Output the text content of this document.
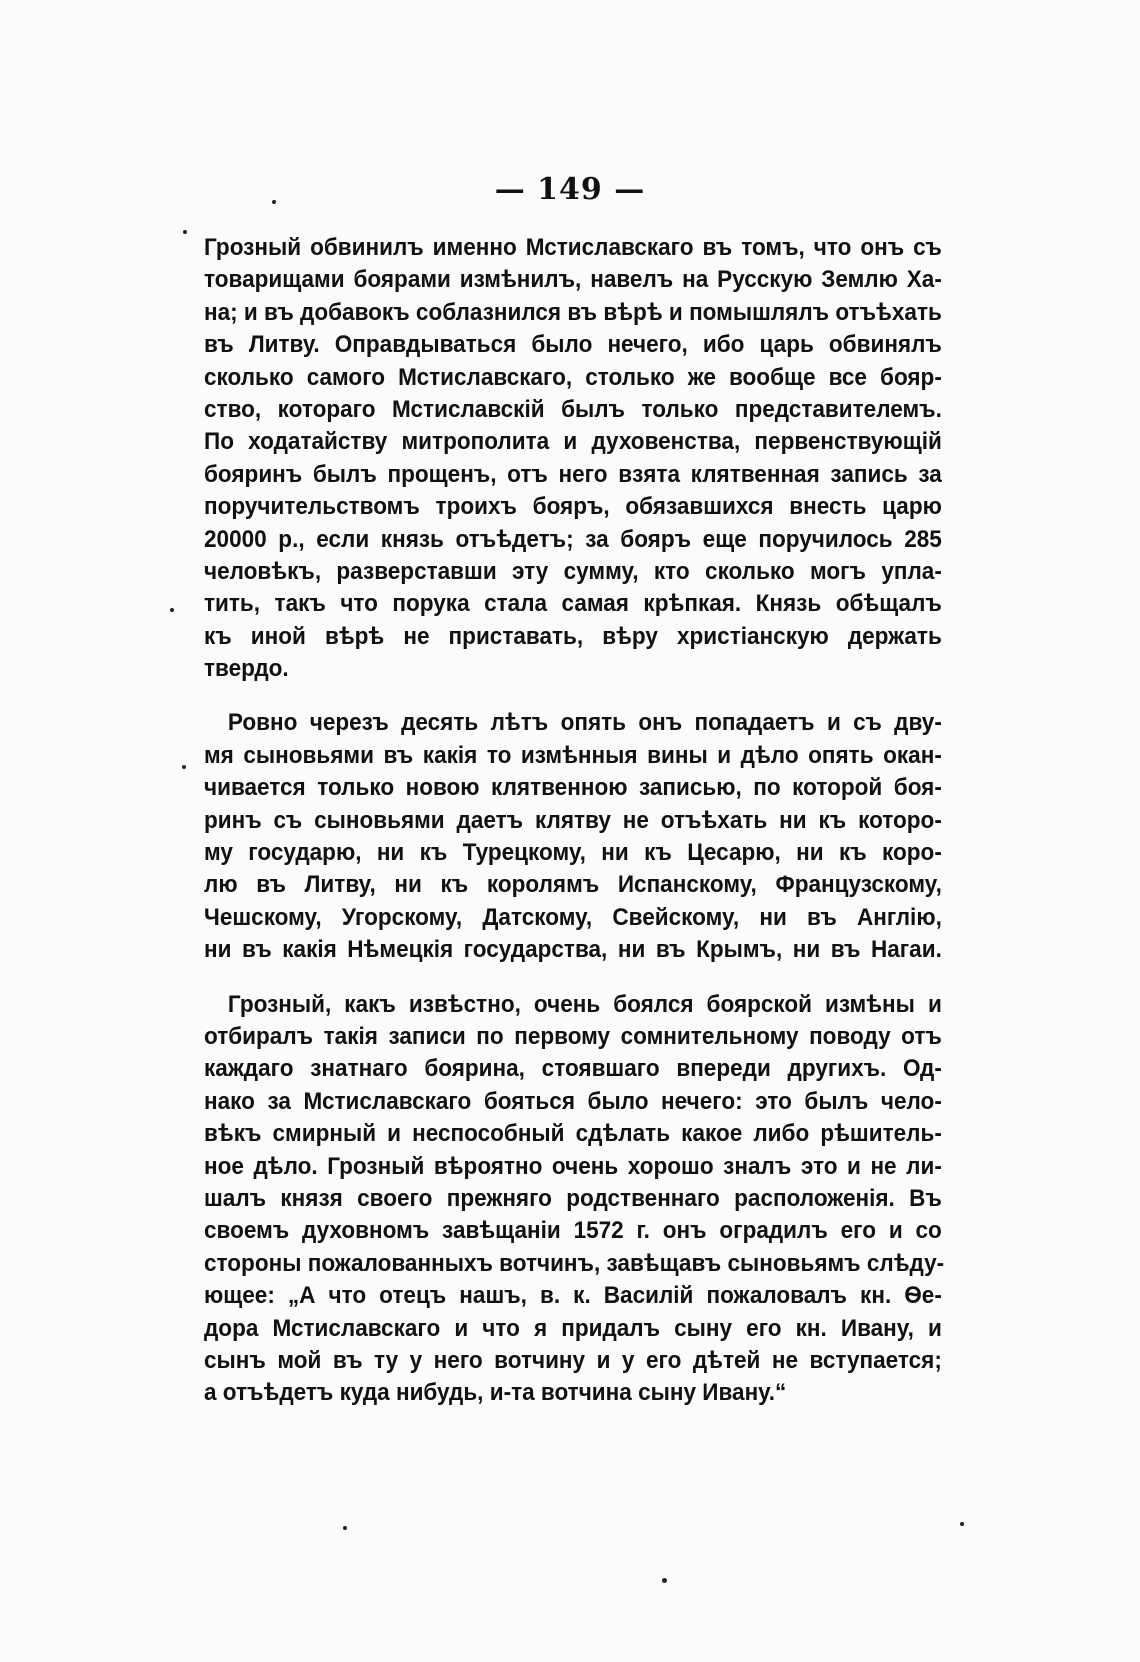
— 149 —
Грозный обвинилъ именно Мстиславскаго въ томъ, что онъ съ
товарищами боярами измѣнилъ, навелъ на Русскую Землю Ха-
на; и въ добавокъ соблазнился въ вѣрѣ и помышлялъ отъѣхать
въ Литву. Оправдываться было нечего, ибо царь обвинялъ
сколько самого Мстиславскаго, столько же вообще все бояр-
ство, котораго Мстиславскій былъ только представителемъ.
По ходатайству митрополита и духовенства, первенствующій
бояринъ былъ прощенъ, отъ него взята клятвенная запись за
поручительствомъ троихъ бояръ, обязавшихся внесть царю
20000 р., если князь отъѣдетъ; за бояръ еще поручилось 285
человѣкъ, разверставши эту сумму, кто сколько могъ упла-
тить, такъ что порука стала самая крѣпкая. Князь обѣщалъ
къ иной вѣрѣ не приставать, вѣру христіанскую держать
твердо.
Ровно черезъ десять лѣтъ опять онъ попадаетъ и съ дву-
мя сыновьями въ какія то измѣнныя вины и дѣло опять окан-
чивается только новою клятвенною записью, по которой боя-
ринъ съ сыновьями даетъ клятву не отъѣхать ни къ которо-
му государю, ни къ Турецкому, ни къ Цесарю, ни къ коро-
лю въ Литву, ни къ королямъ Испанскому, Французскому,
Чешскому, Угорскому, Датскому, Свейскому, ни въ Англію,
ни въ какія Нѣмецкія государства, ни въ Крымъ, ни въ Нагаи.
Грозный, какъ извѣстно, очень боялся боярской измѣны и
отбиралъ такія записи по первому сомнительному поводу отъ
каждаго знатнаго боярина, стоявшаго впереди другихъ. Од-
нако за Мстиславскаго бояться было нечего: это былъ чело-
вѣкъ смирный и неспособный сдѣлать какое либо рѣшитель-
ное дѣло. Грозный вѣроятно очень хорошо зналъ это и не ли-
шалъ князя своего прежняго родственнаго расположенія. Въ
своемъ духовномъ завѣщаніи 1572 г. онъ оградилъ его и со
стороны пожалованныхъ вотчинъ, завѣщавъ сыновьямъ слѣду-
ющее: „А что отецъ нашъ, в. к. Василій пожаловалъ кн. Ѳе-
дора Мстиславскаго и что я придалъ сыну его кн. Ивану, и
сынъ мой въ ту у него вотчину и у его дѣтей не вступается;
а отъѣдетъ куда нибудь, и-та вотчина сыну Ивану.“
